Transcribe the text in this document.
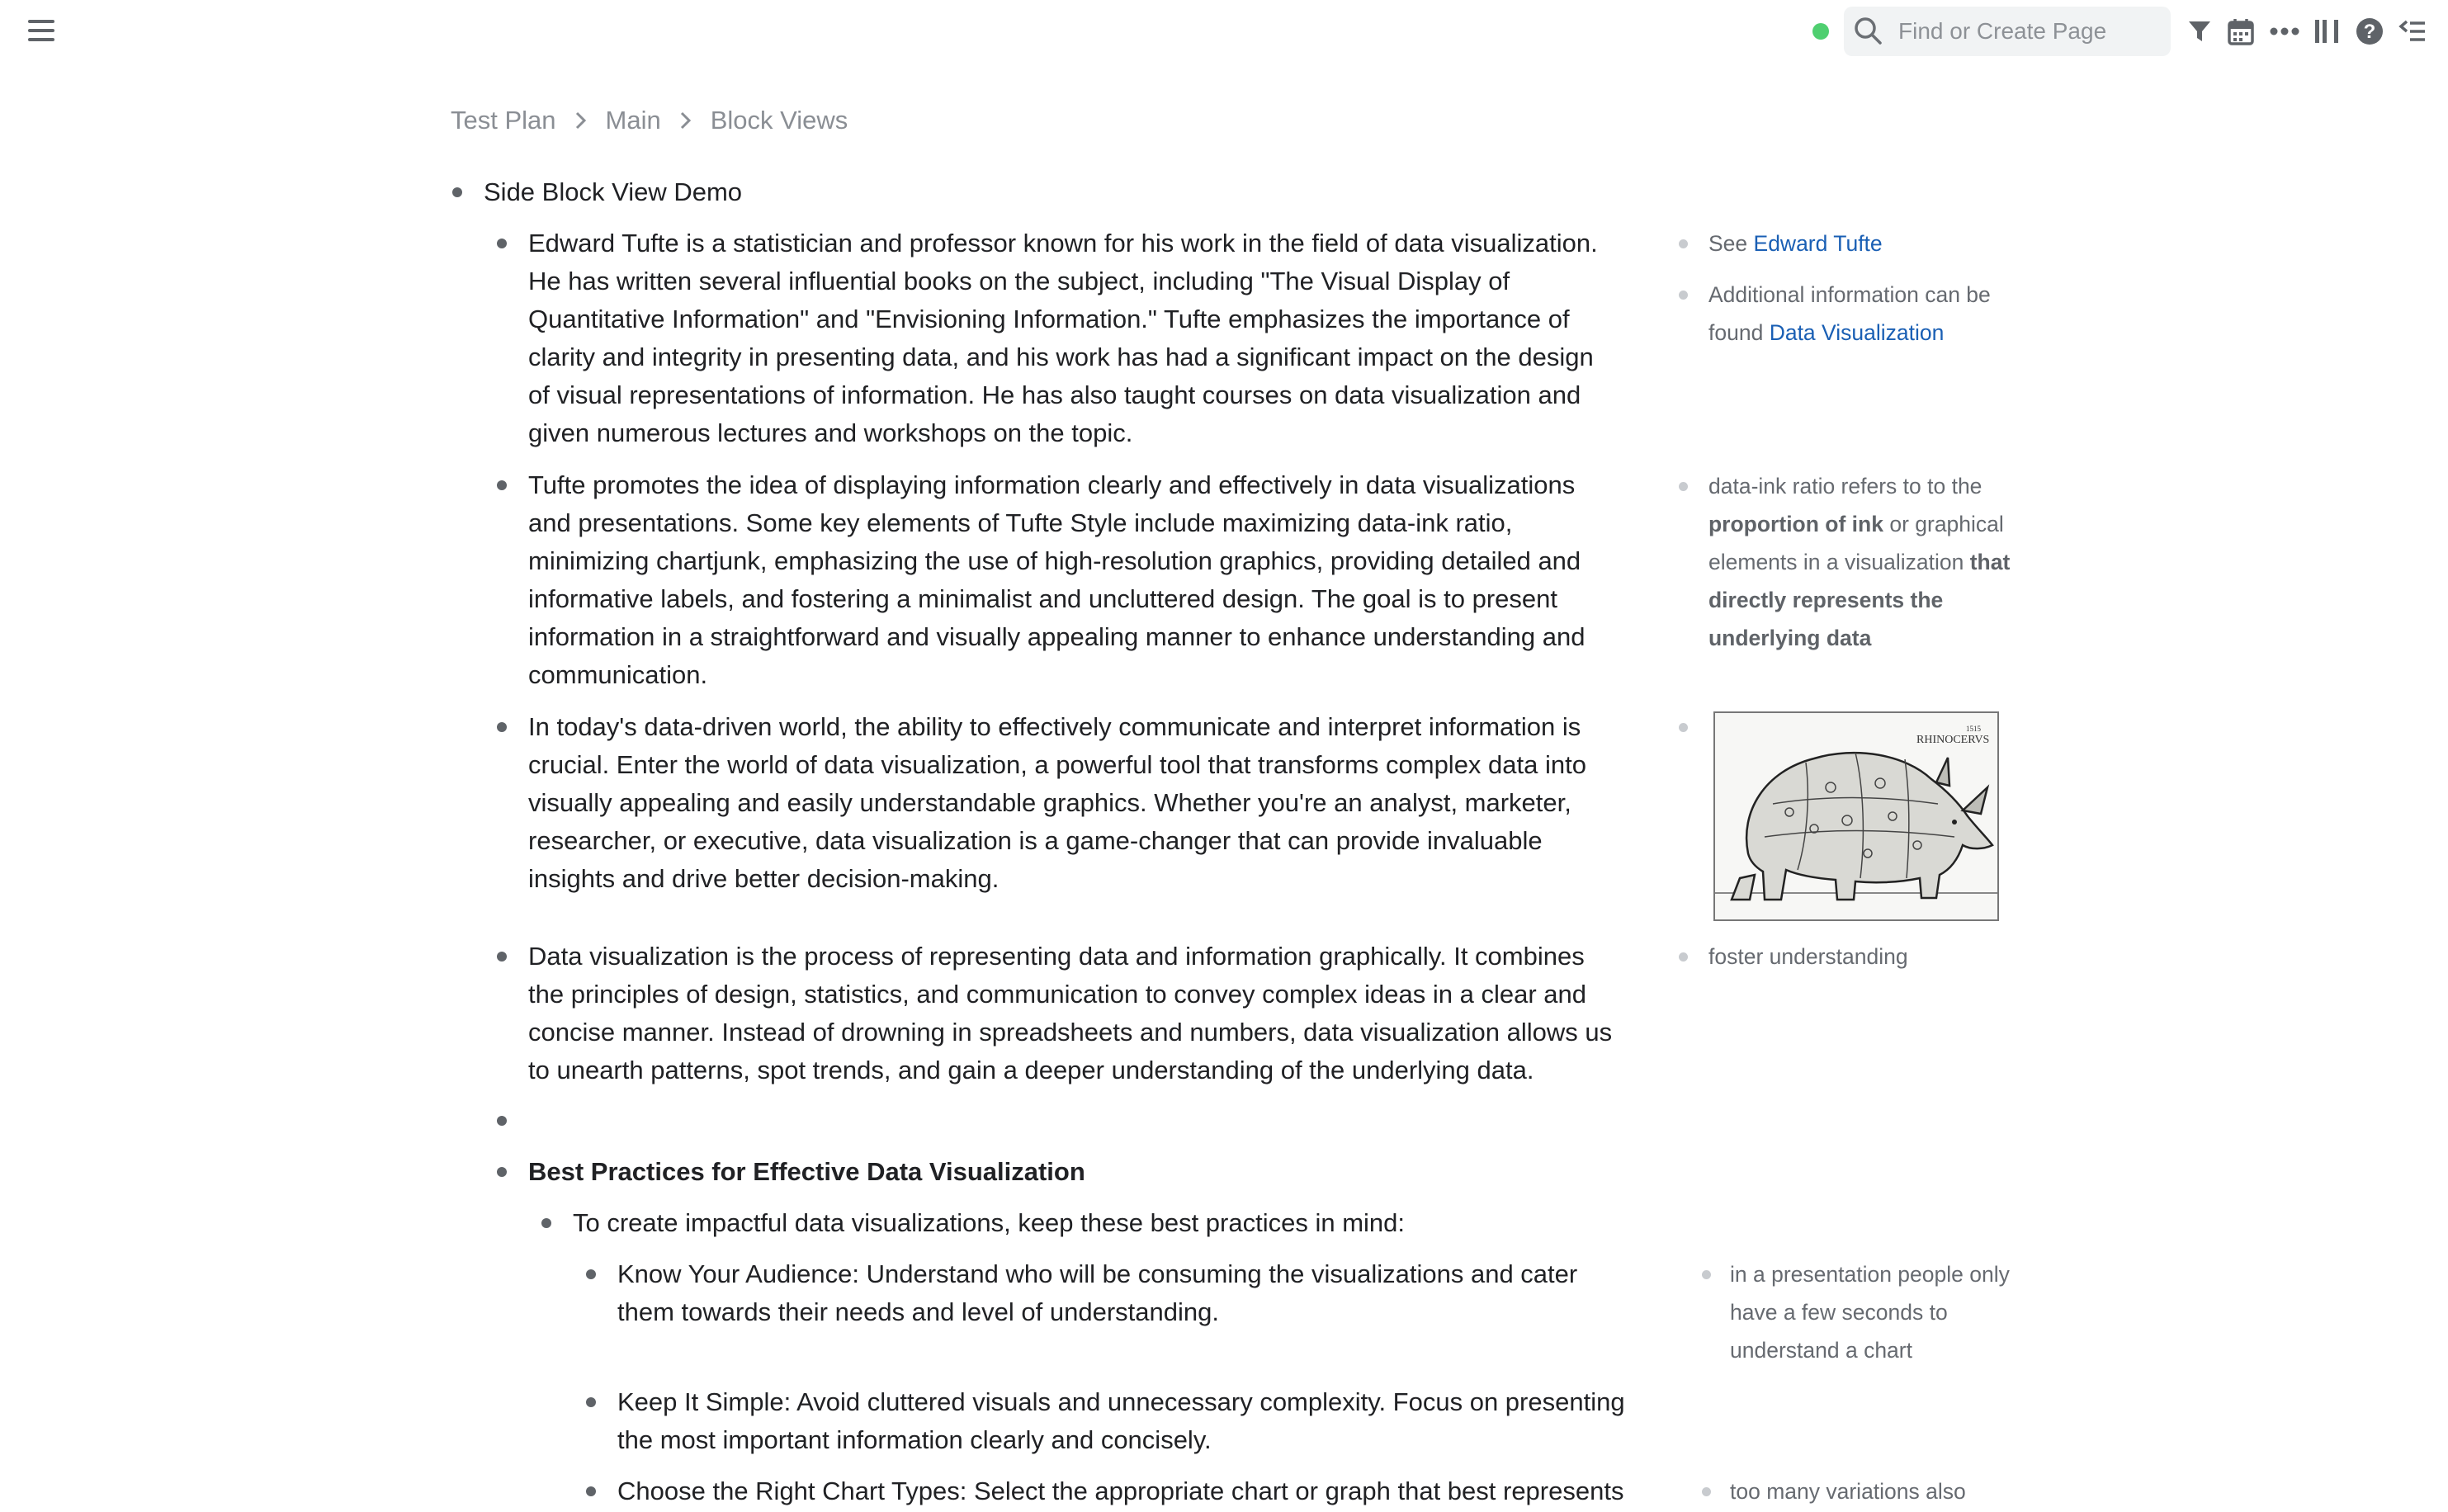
Find or Create Page
?
Test Plan Main Block Views
Side Block View Demo
Edward Tufte is a statistician and professor known for his work in the field of data visualization.
He has written several influential books on the subject, including "The Visual Display of
Quantitative Information" and "Envisioning Information." Tufte emphasizes the importance of
clarity and integrity in presenting data, and his work has had a significant impact on the design
of visual representations of information. He has also taught courses on data visualization and
given numerous lectures and workshops on the topic.
Tufte promotes the idea of displaying information clearly and effectively in data visualizations
and presentations. Some key elements of Tufte Style include maximizing data-ink ratio,
minimizing chartjunk, emphasizing the use of high-resolution graphics, providing detailed and
informative labels, and fostering a minimalist and uncluttered design. The goal is to present
information in a straightforward and visually appealing manner to enhance understanding and
communication.
In today's data-driven world, the ability to effectively communicate and interpret information is
crucial. Enter the world of data visualization, a powerful tool that transforms complex data into
visually appealing and easily understandable graphics. Whether you're an analyst, marketer,
researcher, or executive, data visualization is a game-changer that can provide invaluable
insights and drive better decision-making.
Data visualization is the process of representing data and information graphically. It combines
the principles of design, statistics, and communication to convey complex ideas in a clear and
concise manner. Instead of drowning in spreadsheets and numbers, data visualization allows us
to unearth patterns, spot trends, and gain a deeper understanding of the underlying data.
Best Practices for Effective Data Visualization
To create impactful data visualizations, keep these best practices in mind:
Know Your Audience: Understand who will be consuming the visualizations and cater
them towards their needs and level of understanding.
Keep It Simple: Avoid cluttered visuals and unnecessary complexity. Focus on presenting
the most important information clearly and concisely.
Choose the Right Chart Types: Select the appropriate chart or graph that best represents
See Edward Tufte
Additional information can be found Data Visualization
data-ink ratio refers to to the proportion of ink or graphical elements in a visualization that directly represents the underlying data
1515
RHINOCERVS
foster understanding
in a presentation people only have a few seconds to understand a chart
too many variations also
